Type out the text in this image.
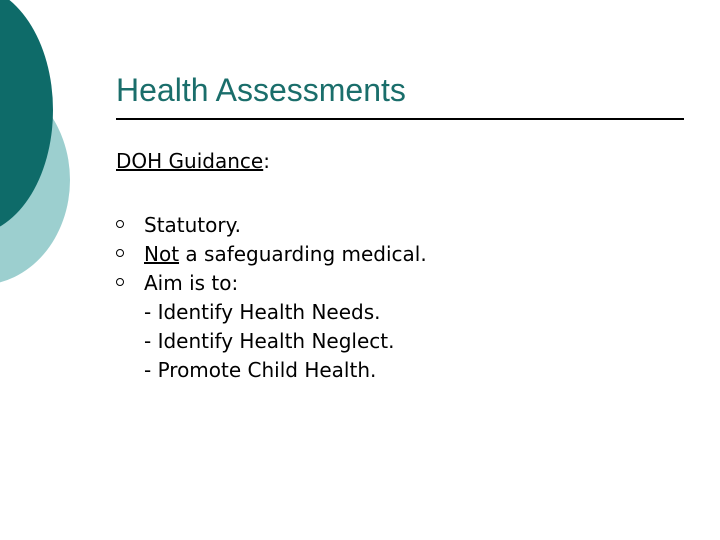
Health Assessments
DOH Guidance:
Statutory.
Not a safeguarding medical.
Aim is to:
- Identify Health Needs.
- Identify Health Neglect.
- Promote Child Health.
